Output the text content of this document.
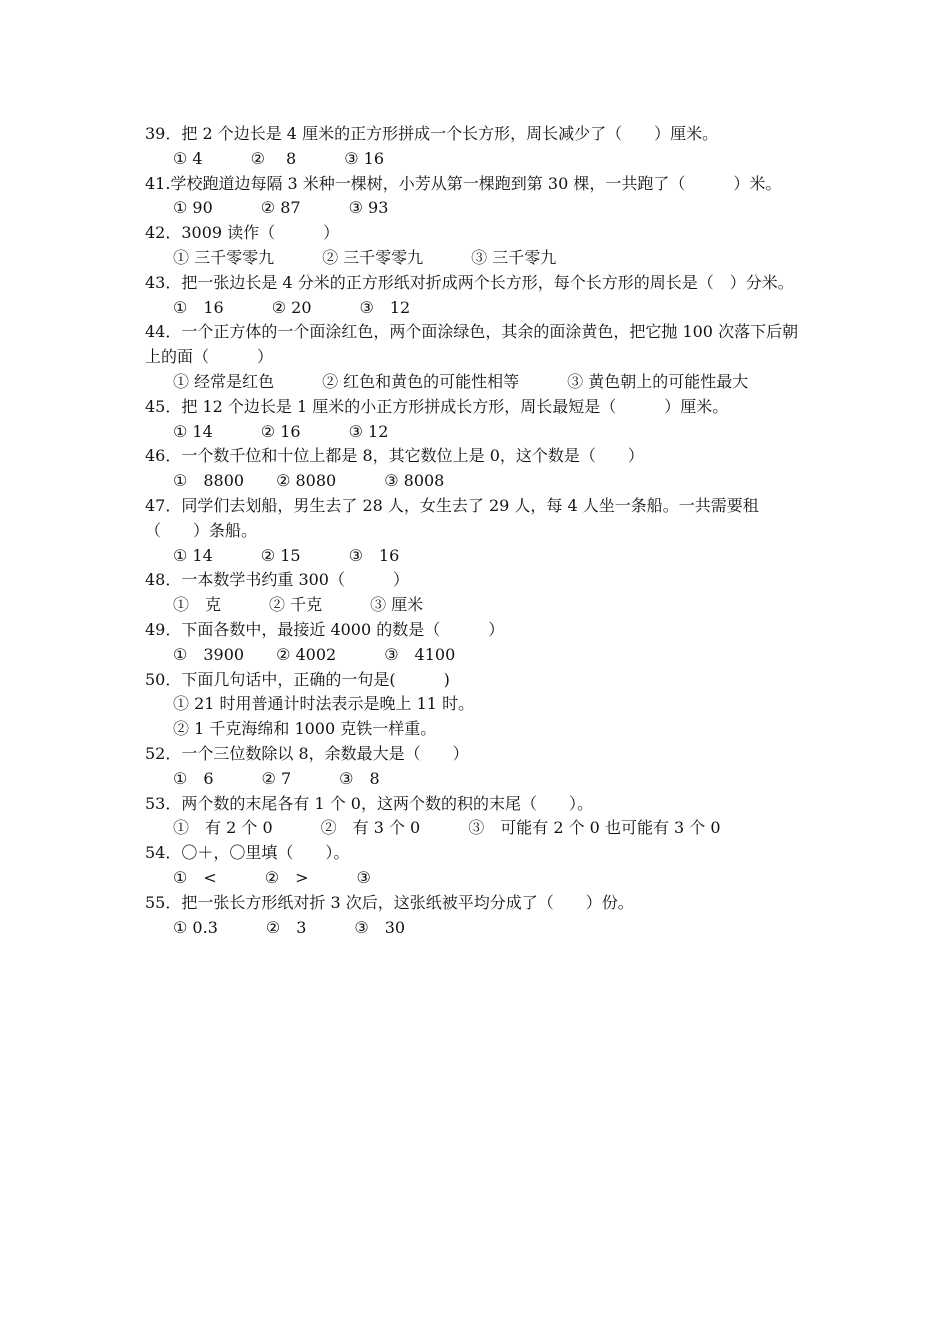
39．把 2 个边长是 4 厘米的正方形拼成一个长方形，周长减少了（　　）厘米。
① 4　　　② 　8　　　③ 16
41.学校跑道边每隔 3 米种一棵树，小芳从第一棵跑到第 30 棵，一共跑了（　　　）米。
① 90　　　② 87　　　③ 93
42．3009 读作（　　　）
① 三千零零九　　　② 三千零零九　　　③ 三千零九
43．把一张边长是 4 分米的正方形纸对折成两个长方形，每个长方形的周长是（　）分米。
①　16　　　② 20　　　③　12
44．一个正方体的一个面涂红色，两个面涂绿色，其余的面涂黄色，把它抛 100 次落下后朝上的面（　　　）
① 经常是红色　　　② 红色和黄色的可能性相等　　　③ 黄色朝上的可能性最大
45．把 12 个边长是 1 厘米的小正方形拼成长方形，周长最短是（　　　）厘米。
① 14　　　② 16　　　③ 12
46．一个数千位和十位上都是 8，其它数位上是 0，这个数是（　　）
①　8800　　② 8080　　　③ 8008
47．同学们去划船，男生去了 28 人，女生去了 29 人，每 4 人坐一条船。一共需要租（　　）条船。
① 14　　　② 15　　　③　16
48．一本数学书约重 300（　　　）
①　克　　　② 千克　　　③ 厘米
49．下面各数中，最接近 4000 的数是（　　　）
①　3900　　② 4002　　　③　4100
50．下面几句话中，正确的一句是(　　　)
① 21 时用普通计时法表示是晚上 11 时。
② 1 千克海绵和 1000 克铁一样重。
52．一个三位数除以 8，余数最大是（　　）
①　6　　　② 7　　　③　8
53．两个数的末尾各有 1 个 0，这两个数的积的末尾（　　）。
①　有 2 个 0　　　②　有 3 个 0　　　③　可能有 2 个 0 也可能有 3 个 0
54．〇＋，〇里填（　　）。
①　<　　　②　>　　　③
55．把一张长方形纸对折 3 次后，这张纸被平均分成了（　　）份。
① 0.3　　　②　3　　　③　30
